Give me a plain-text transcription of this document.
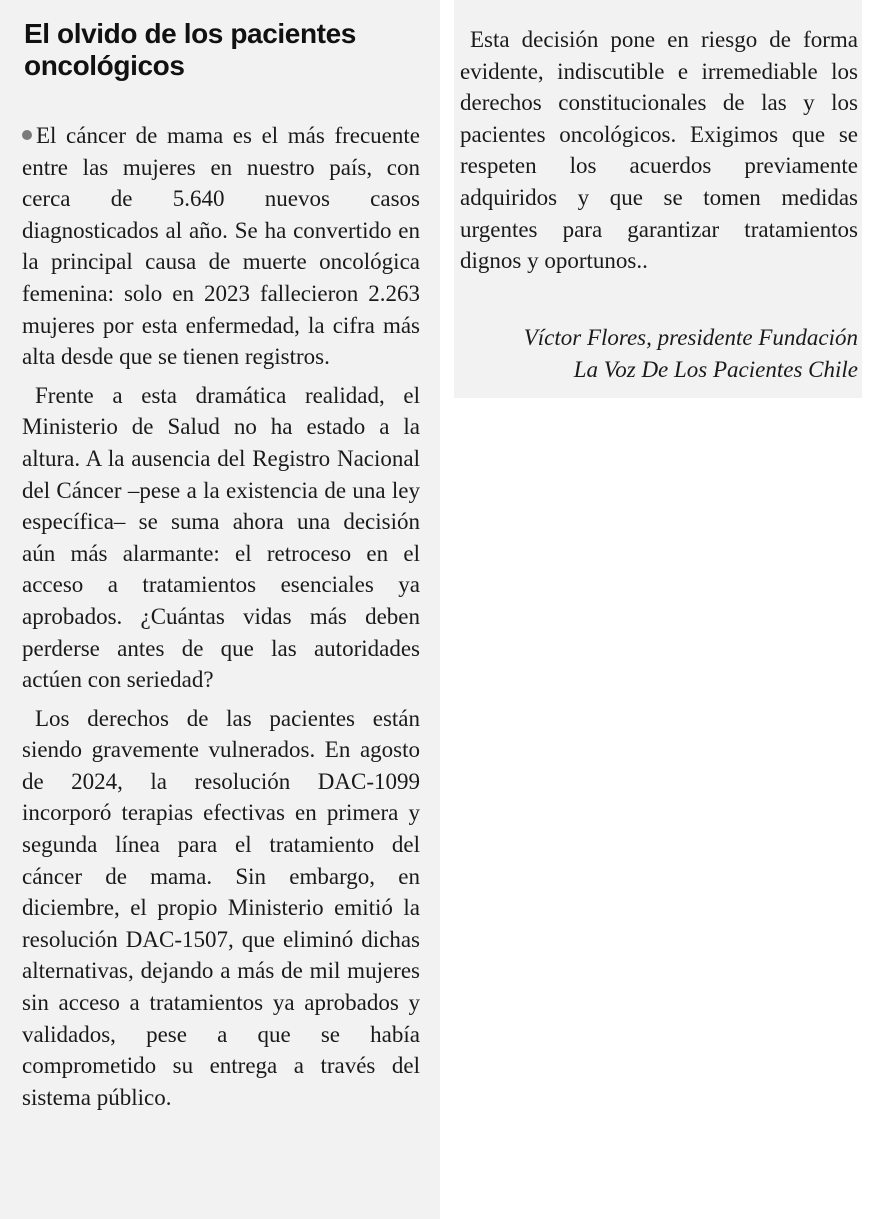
El olvido de los pacientes oncológicos

El cáncer de mama es el más frecuente entre las mujeres en nuestro país, con cerca de 5.640 nuevos casos diagnosticados al año. Se ha convertido en la principal causa de muerte oncológica femenina: solo en 2023 fallecieron 2.263 mujeres por esta enfermedad, la cifra más alta desde que se tienen registros.

Frente a esta dramática realidad, el Ministerio de Salud no ha estado a la altura. A la ausencia del Registro Nacional del Cáncer –pese a la existencia de una ley específica– se suma ahora una decisión aún más alarmante: el retroceso en el acceso a tratamientos esenciales ya aprobados. ¿Cuántas vidas más deben perderse antes de que las autoridades actúen con seriedad?

Los derechos de las pacientes están siendo gravemente vulnerados. En agosto de 2024, la resolución DAC-1099 incorporó terapias efectivas en primera y segunda línea para el tratamiento del cáncer de mama. Sin embargo, en diciembre, el propio Ministerio emitió la resolución DAC-1507, que eliminó dichas alternativas, dejando a más de mil mujeres sin acceso a tratamientos ya aprobados y validados, pese a que se había comprometido su entrega a través del sistema público.

Esta decisión pone en riesgo de forma evidente, indiscutible e irremediable los derechos constitucionales de las y los pacientes oncológicos. Exigimos que se respeten los acuerdos previamente adquiridos y que se tomen medidas urgentes para garantizar tratamientos dignos y oportunos..

Víctor Flores, presidente Fundación
La Voz De Los Pacientes Chile
